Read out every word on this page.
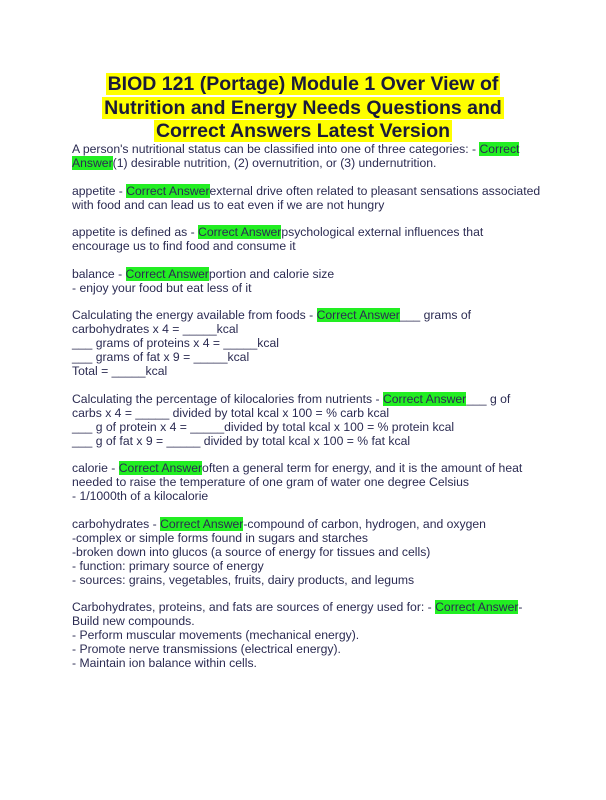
BIOD 121 (Portage) Module 1 Over View of
Nutrition and Energy Needs Questions and
Correct Answers Latest Version
A person's nutritional status can be classified into one of three categories: - Correct
Answer(1) desirable nutrition, (2) overnutrition, or (3) undernutrition.
appetite - Correct Answerexternal drive often related to pleasant sensations associated
with food and can lead us to eat even if we are not hungry
appetite is defined as - Correct Answerpsychological external influences that
encourage us to find food and consume it
balance - Correct Answerportion and calorie size
- enjoy your food but eat less of it
Calculating the energy available from foods - Correct Answer___ grams of
carbohydrates x 4 = _____kcal
___ grams of proteins x 4 = _____kcal
___ grams of fat x 9 = _____kcal
Total = _____kcal
Calculating the percentage of kilocalories from nutrients - Correct Answer___ g of
carbs x 4 = _____ divided by total kcal x 100 = % carb kcal
___ g of protein x 4 = _____divided by total kcal x 100 = % protein kcal
___ g of fat x 9 = _____ divided by total kcal x 100 = % fat kcal
calorie - Correct Answeroften a general term for energy, and it is the amount of heat
needed to raise the temperature of one gram of water one degree Celsius
- 1/1000th of a kilocalorie
carbohydrates - Correct Answer-compound of carbon, hydrogen, and oxygen
-complex or simple forms found in sugars and starches
-broken down into glucos (a source of energy for tissues and cells)
- function: primary source of energy
- sources: grains, vegetables, fruits, dairy products, and legums
Carbohydrates, proteins, and fats are sources of energy used for: - Correct Answer-
Build new compounds.
- Perform muscular movements (mechanical energy).
- Promote nerve transmissions (electrical energy).
- Maintain ion balance within cells.
